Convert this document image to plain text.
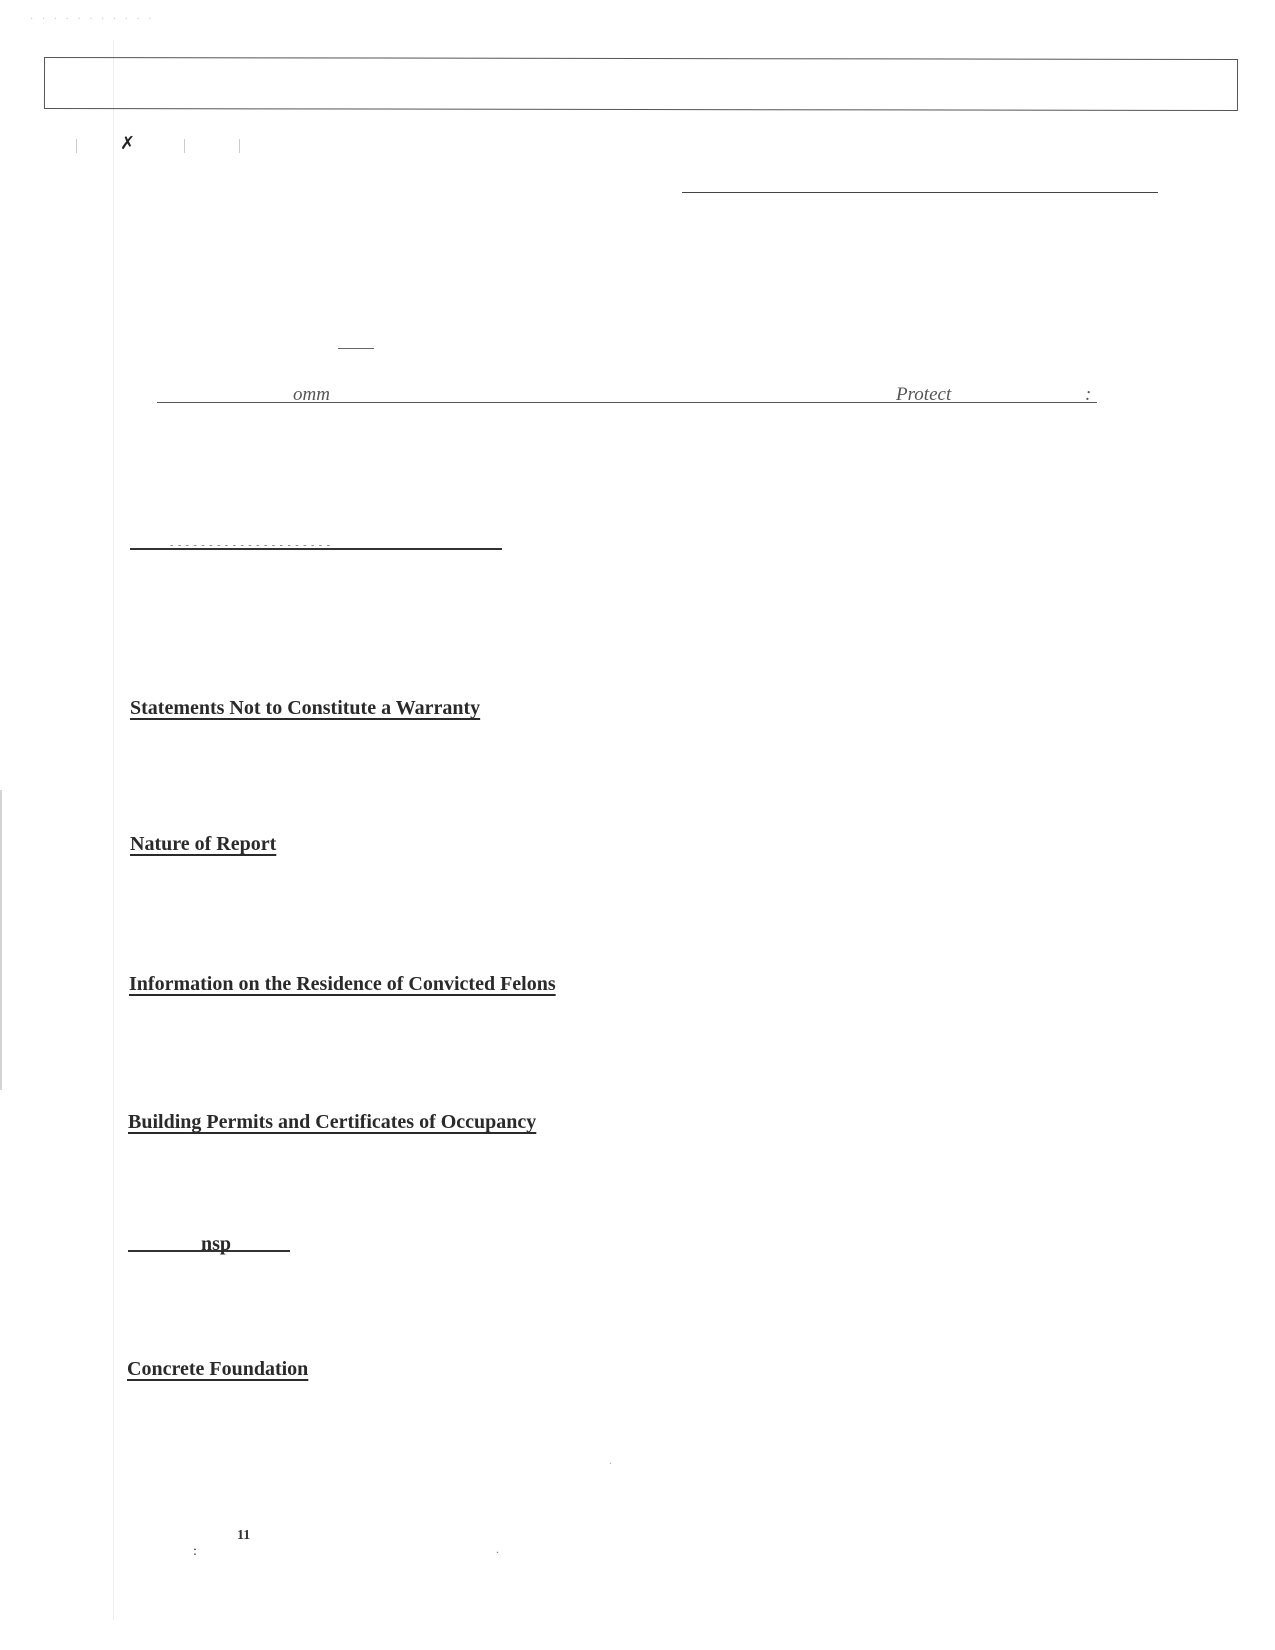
· · · · · · · · · · ·
✗
omm	Protect	:
- - - - - - - - - - - - - - - - - - - - -
Statements Not to Constitute a Warranty
Nature of Report
Information on the Residence of Convicted Felons
Building Permits and Certificates of Occupancy
nsp
Concrete Foundation
.
11
:	.
